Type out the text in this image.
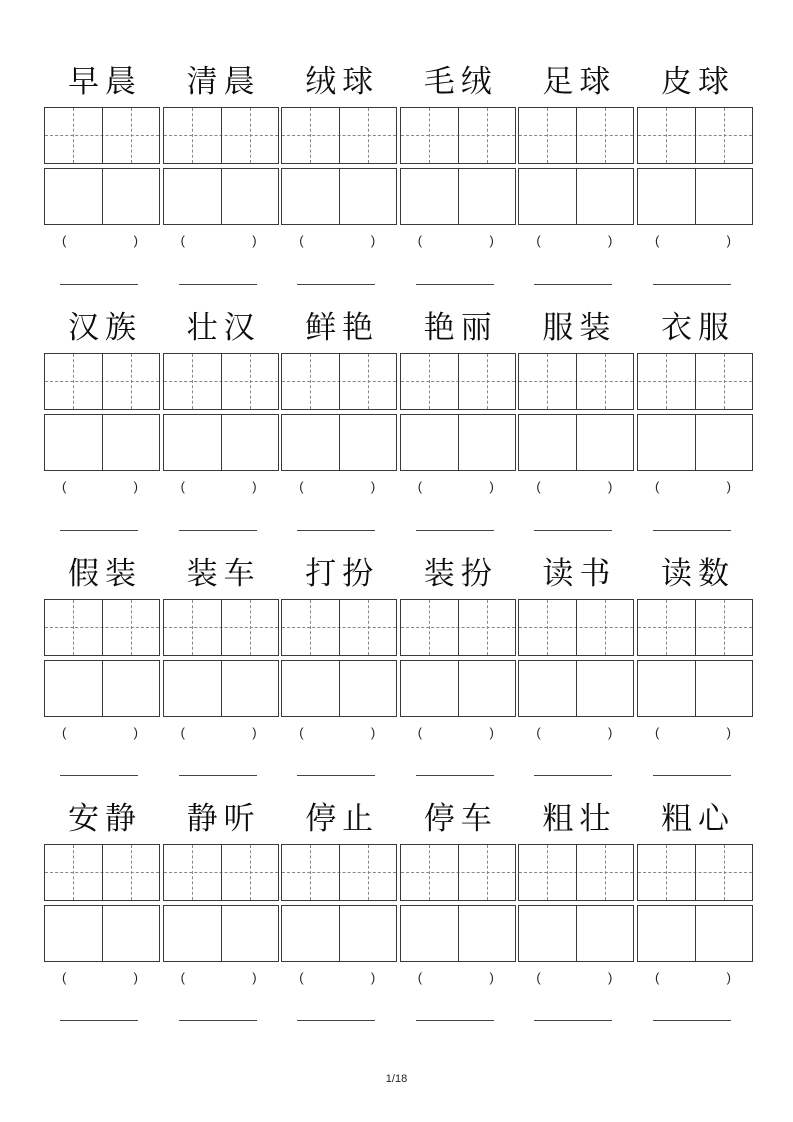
早晨
(	)
清晨
(	)
绒球
(	)
毛绒
(	)
足球
(	)
皮球
(	)
汉族
(	)
壮汉
(	)
鲜艳
(	)
艳丽
(	)
服装
(	)
衣服
(	)
假装
(	)
装车
(	)
打扮
(	)
装扮
(	)
读书
(	)
读数
(	)
安静
(	)
静听
(	)
停止
(	)
停车
(	)
粗壮
(	)
粗心
(	)
1/18
